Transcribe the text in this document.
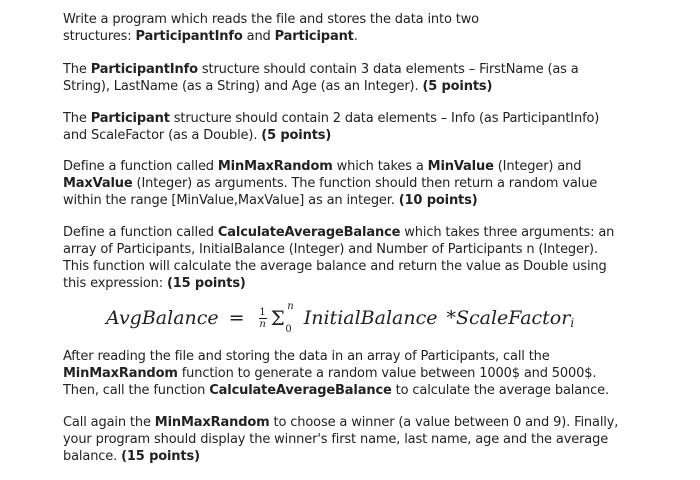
Write a program which reads the file and stores the data into two
structures: ParticipantInfo and Participant.

The ParticipantInfo structure should contain 3 data elements – FirstName (as a
String), LastName (as a String) and Age (as an Integer). (5 points)

The Participant structure should contain 2 data elements – Info (as ParticipantInfo)
and ScaleFactor (as a Double). (5 points)

Define a function called MinMaxRandom which takes a MinValue (Integer) and
MaxValue (Integer) as arguments. The function should then return a random value
within the range [MinValue,MaxValue] as an integer. (10 points)

Define a function called CalculateAverageBalance which takes three arguments: an
array of Participants, InitialBalance (Integer) and Number of Participants n (Integer).
This function will calculate the average balance and return the value as Double using
this expression: (15 points)

AvgBalance = $\frac{1}{n}$ Σ n
0
InitialBalance * ScaleFactor i

After reading the file and storing the data in an array of Participants, call the
MinMaxRandom function to generate a random value between 1000$ and 5000$.
Then, call the function CalculateAverageBalance to calculate the average balance.

Call again the MinMaxRandom to choose a winner (a value between 0 and 9). Finally,
your program should display the winner's first name, last name, age and the average
balance. (15 points)
